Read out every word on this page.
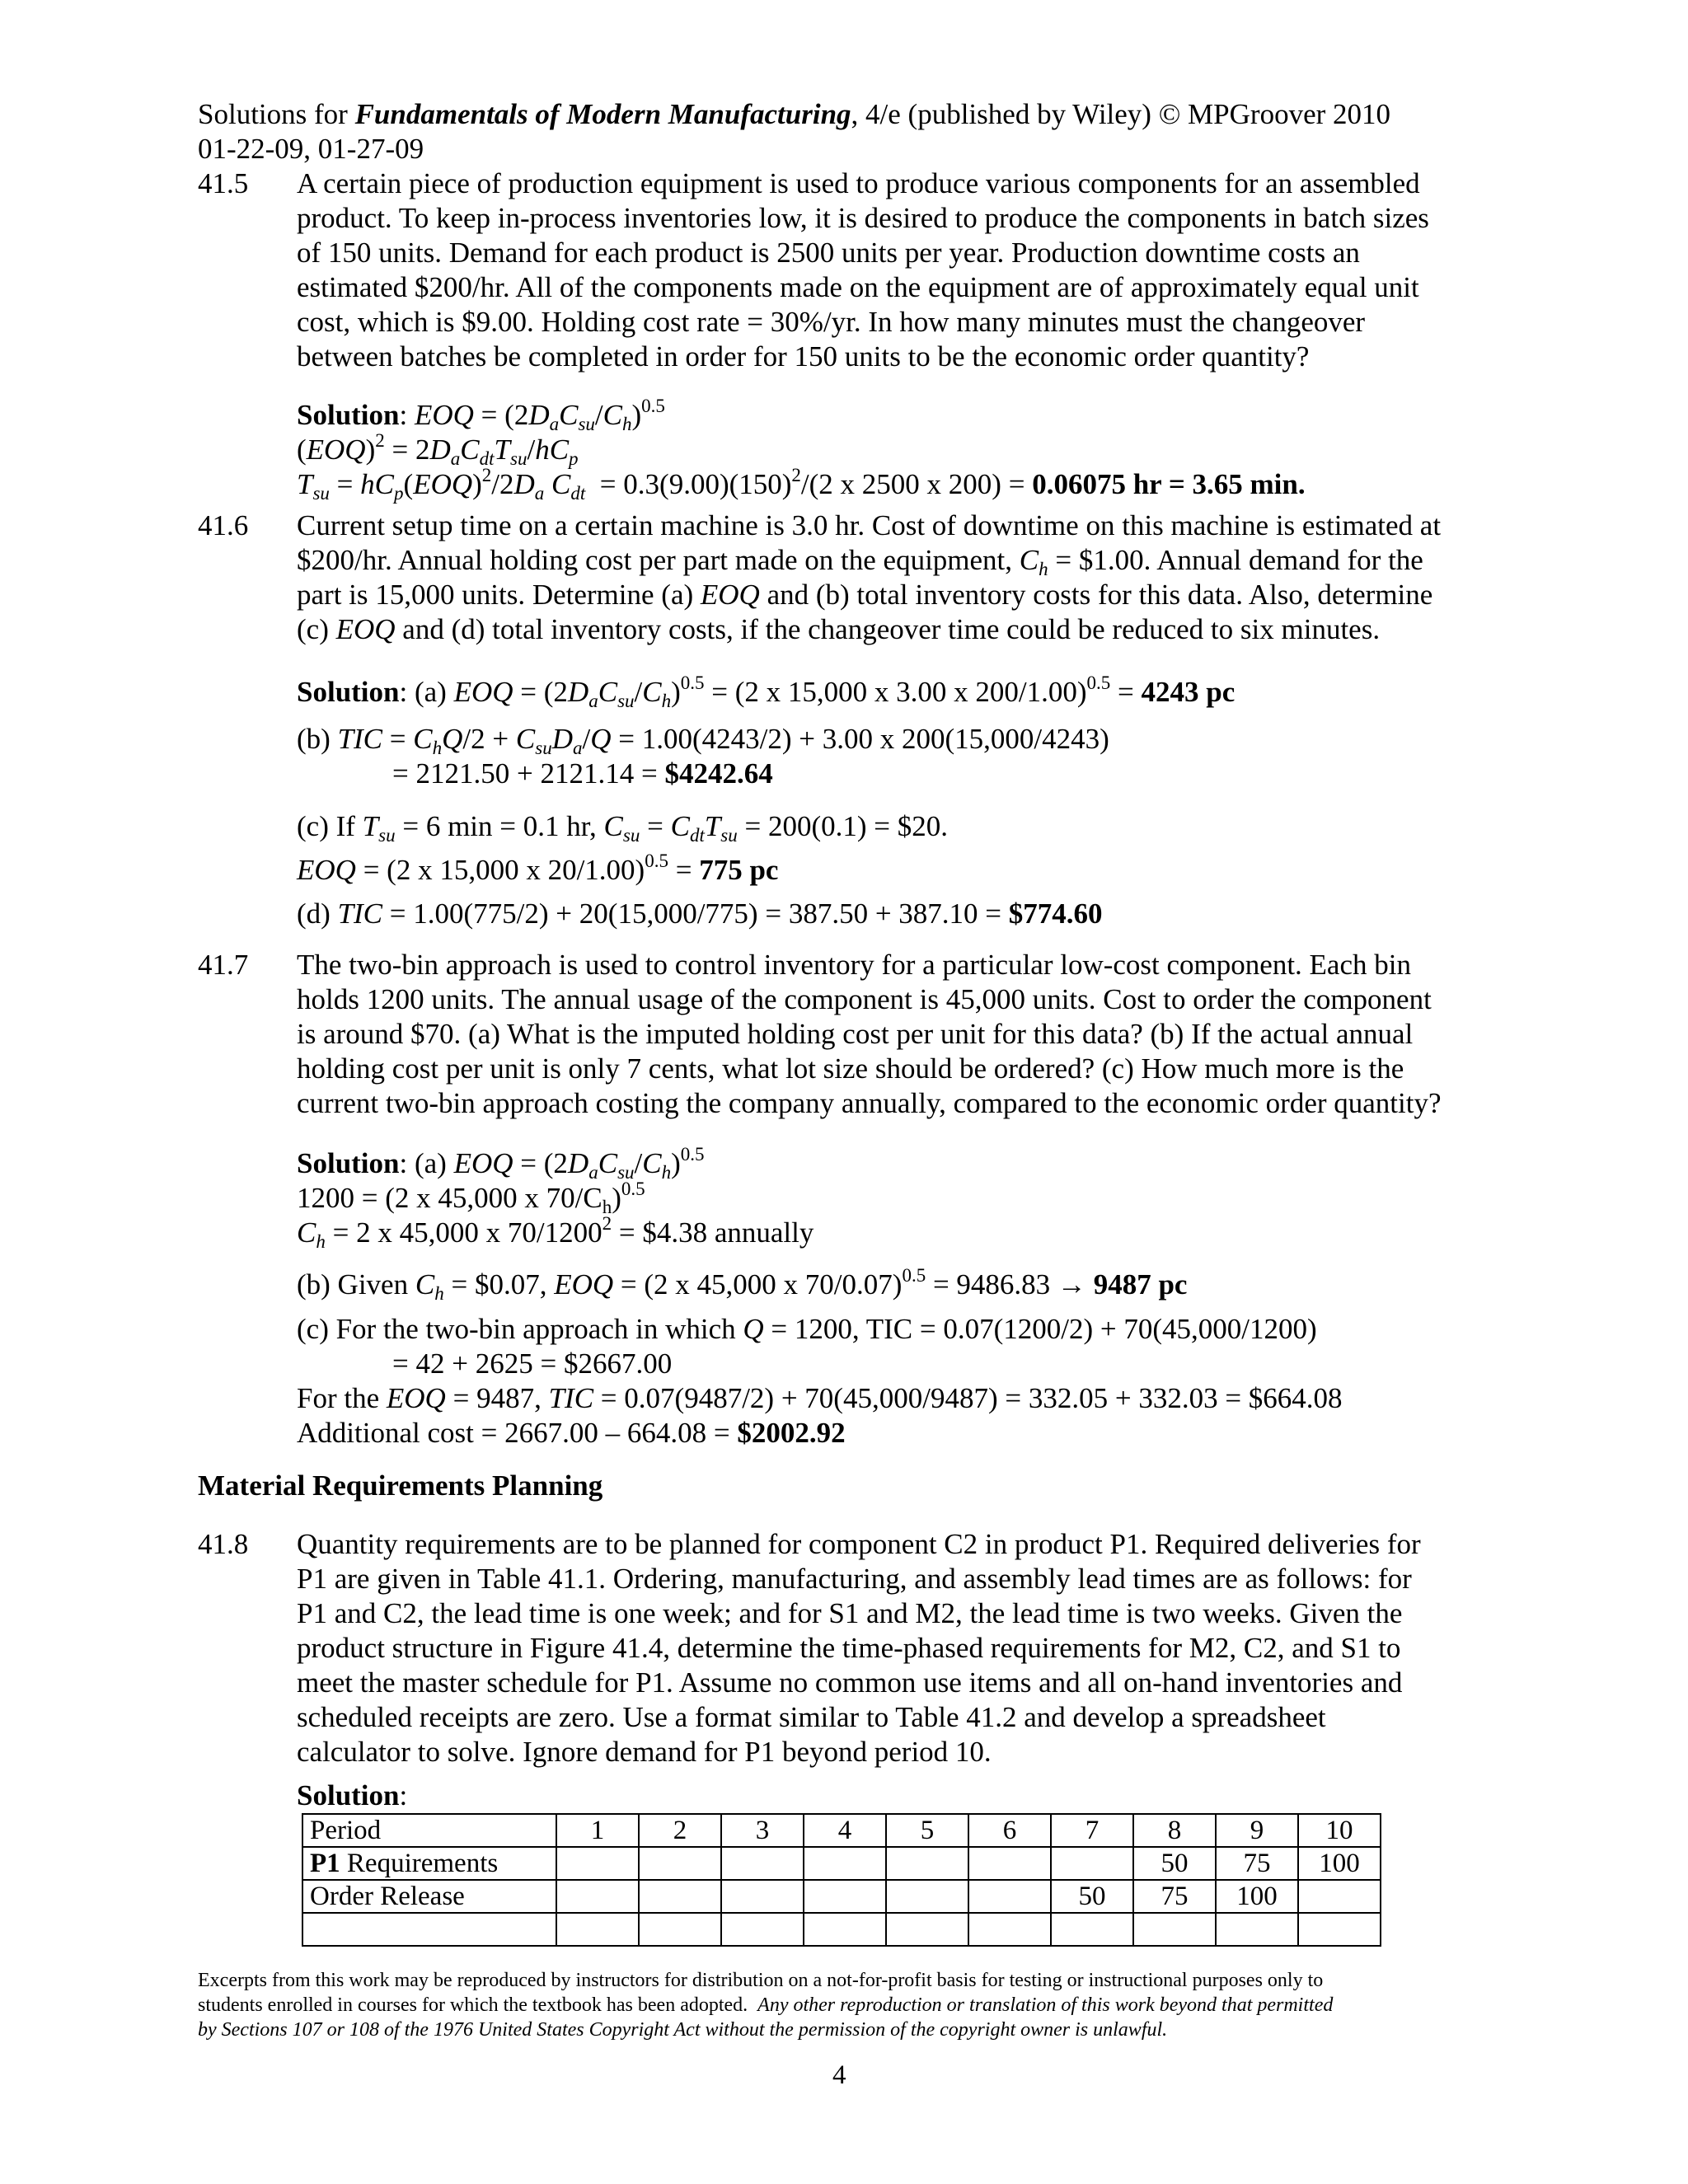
Solutions for Fundamentals of Modern Manufacturing, 4/e (published by Wiley) © MPGroover 2010
01-22-09, 01-27-09
41.5 A certain piece of production equipment is used to produce various components for an assembled
product. To keep in-process inventories low, it is desired to produce the components in batch sizes
of 150 units. Demand for each product is 2500 units per year. Production downtime costs an
estimated $200/hr. All of the components made on the equipment are of approximately equal unit
cost, which is $9.00. Holding cost rate = 30%/yr. In how many minutes must the changeover
between batches be completed in order for 150 units to be the economic order quantity?
Solution: EOQ = $(2D_aC_{su}/C_h)^{0.5}$
$(EOQ)^2 = 2D_aC_{dt}T_{su}/hC_p$
$T_{su} = hC_p(EOQ)^2/2D_a$ $C_{dt} = 0.3(9.00)(150)^2/(2$ x 2500 x 200) = 0.06075 hr = 3.65 min.
41.6 Current setup time on a certain machine is 3.0 hr. Cost of downtime on this machine is estimated at
$200/hr. Annual holding cost per part made on the equipment, $C_h$ = $1.00. Annual demand for the
part is 15,000 units. Determine (a) EOQ and (b) total inventory costs for this data. Also, determine
(c) EOQ and (d) total inventory costs, if the changeover time could be reduced to six minutes.
Solution: (a) EOQ = $(2D_aC_{su}/C_h)^{0.5} = (2$ x 15,000 x 3.00 x 200/1.00)$^{0.5}$ = 4243 pc
(b) TIC = $C_hQ/2 + C_{su}D_a/Q = 1.00(4243/2) + 3.00$ x 200(15,000/4243)
= 2121.50 + 2121.14 = $4242.64
(c) If $T_{su} = 6$ min = 0.1 hr, $C_{su} = C_{dt}T_{su} = 200(0.1)$ = $20.
EOQ = (2 x 15,000 x 20/1.00)$^{0.5}$ = 775 pc
(d) TIC = 1.00(775/2) + 20(15,000/775) = 387.50 + 387.10 = $774.60
41.7 The two-bin approach is used to control inventory for a particular low-cost component. Each bin
holds 1200 units. The annual usage of the component is 45,000 units. Cost to order the component
is around $70. (a) What is the imputed holding cost per unit for this data? (b) If the actual annual
holding cost per unit is only 7 cents, what lot size should be ordered? (c) How much more is the
current two-bin approach costing the company annually, compared to the economic order quantity?
Solution: (a) EOQ = $(2D_aC_{su}/C_h)^{0.5}$
1200 = (2 x 45,000 x $70/C_h)^{0.5}$
$C_h = 2$ x 45,000 x $70/1200^2$ = $4.38 annually
(b) Given $C_h$ = $0.07, EOQ = (2 x 45,000 x 70/0.07)$^{0.5}$ = 9486.83 → 9487 pc
(c) For the two-bin approach in which Q = 1200, TIC = 0.07(1200/2) + 70(45,000/1200)
= 42 + 2625 = $2667.00
For the EOQ = 9487, TIC = 0.07(9487/2) + 70(45,000/9487) = 332.05 + 332.03 = $664.08
Additional cost = 2667.00 – 664.08 = $2002.92
Material Requirements Planning
41.8 Quantity requirements are to be planned for component C2 in product P1. Required deliveries for
P1 are given in Table 41.1. Ordering, manufacturing, and assembly lead times are as follows: for
P1 and C2, the lead time is one week; and for S1 and M2, the lead time is two weeks. Given the
product structure in Figure 41.4, determine the time-phased requirements for M2, C2, and S1 to
meet the master schedule for P1. Assume no common use items and all on-hand inventories and
scheduled receipts are zero. Use a format similar to Table 41.2 and develop a spreadsheet
calculator to solve. Ignore demand for P1 beyond period 10.
Solution:
Period	1	2	3	4	5	6	7	8	9	10
P1 Requirements								50	75	100
Order Release							50	75	100	

Excerpts from this work may be reproduced by instructors for distribution on a not-for-profit basis for testing or instructional purposes only to
students enrolled in courses for which the textbook has been adopted. Any other reproduction or translation of this work beyond that permitted
by Sections 107 or 108 of the 1976 United States Copyright Act without the permission of the copyright owner is unlawful.
4
